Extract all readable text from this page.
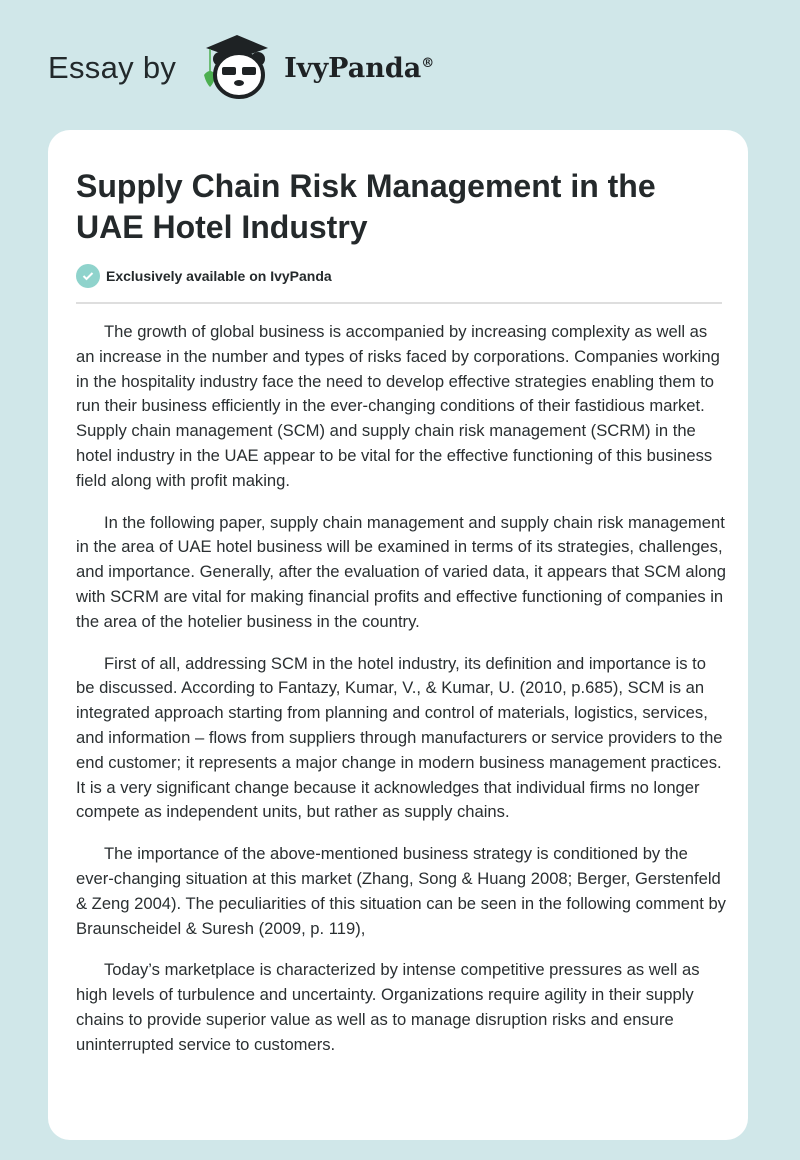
Essay by	IvyPanda®
Supply Chain Risk Management in the UAE Hotel Industry
Exclusively available on IvyPanda

The growth of global business is accompanied by increasing complexity as well as an increase in the number and types of risks faced by corporations. Companies working in the hospitality industry face the need to develop effective strategies enabling them to run their business efficiently in the ever-changing conditions of their fastidious market. Supply chain management (SCM) and supply chain risk management (SCRM) in the hotel industry in the UAE appear to be vital for the effective functioning of this business field along with profit making.

In the following paper, supply chain management and supply chain risk management in the area of UAE hotel business will be examined in terms of its strategies, challenges, and importance. Generally, after the evaluation of varied data, it appears that SCM along with SCRM are vital for making financial profits and effective functioning of companies in the area of the hotelier business in the country.

First of all, addressing SCM in the hotel industry, its definition and importance is to be discussed. According to Fantazy, Kumar, V., & Kumar, U. (2010, p.685), SCM is an integrated approach starting from planning and control of materials, logistics, services, and information – flows from suppliers through manufacturers or service providers to the end customer; it represents a major change in modern business management practices. It is a very significant change because it acknowledges that individual firms no longer compete as independent units, but rather as supply chains.

The importance of the above-mentioned business strategy is conditioned by the ever-changing situation at this market (Zhang, Song & Huang 2008; Berger, Gerstenfeld & Zeng 2004). The peculiarities of this situation can be seen in the following comment by Braunscheidel & Suresh (2009, p. 119),

Today’s marketplace is characterized by intense competitive pressures as well as high levels of turbulence and uncertainty. Organizations require agility in their supply chains to provide superior value as well as to manage disruption risks and ensure uninterrupted service to customers.
